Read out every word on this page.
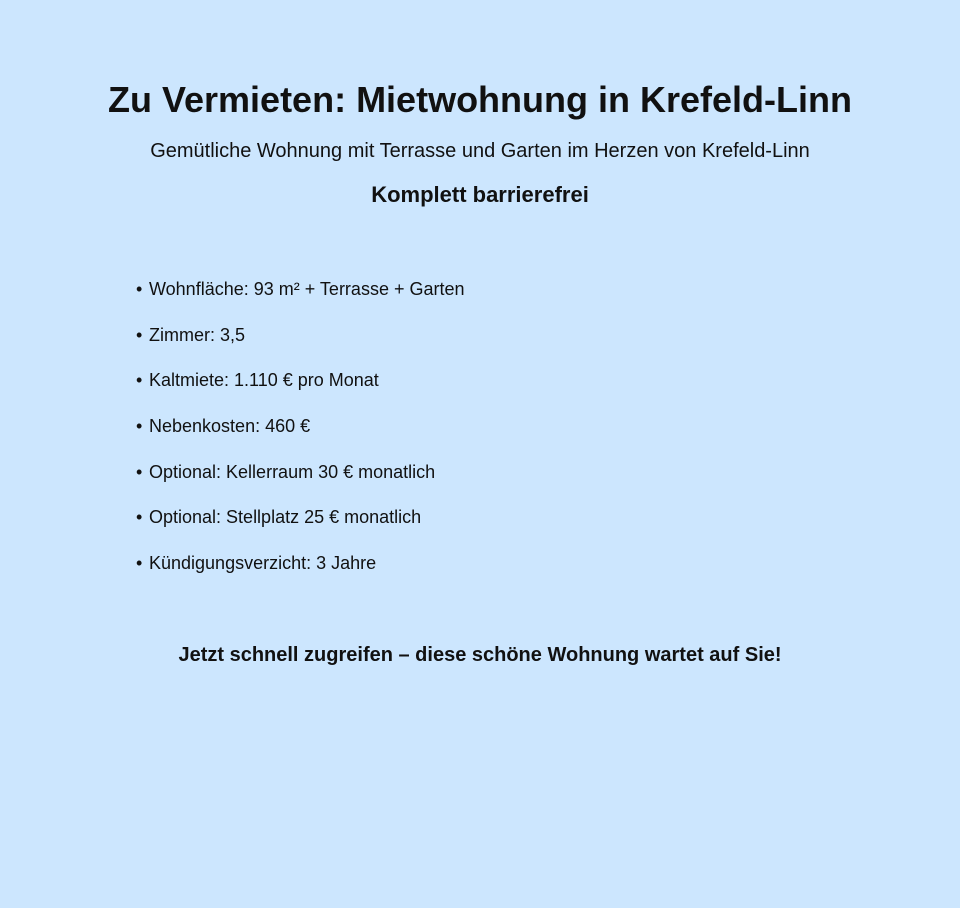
Zu Vermieten: Mietwohnung in Krefeld-Linn

Gemütliche Wohnung mit Terrasse und Garten im Herzen von Krefeld-Linn

Komplett barrierefrei

• Wohnfläche: 93 m² + Terrasse + Garten
• Zimmer: 3,5
• Kaltmiete: 1.110 € pro Monat
• Nebenkosten: 460 €
• Optional: Kellerraum 30 € monatlich
• Optional: Stellplatz 25 € monatlich
• Kündigungsverzicht: 3 Jahre

Jetzt schnell zugreifen – diese schöne Wohnung wartet auf Sie!
